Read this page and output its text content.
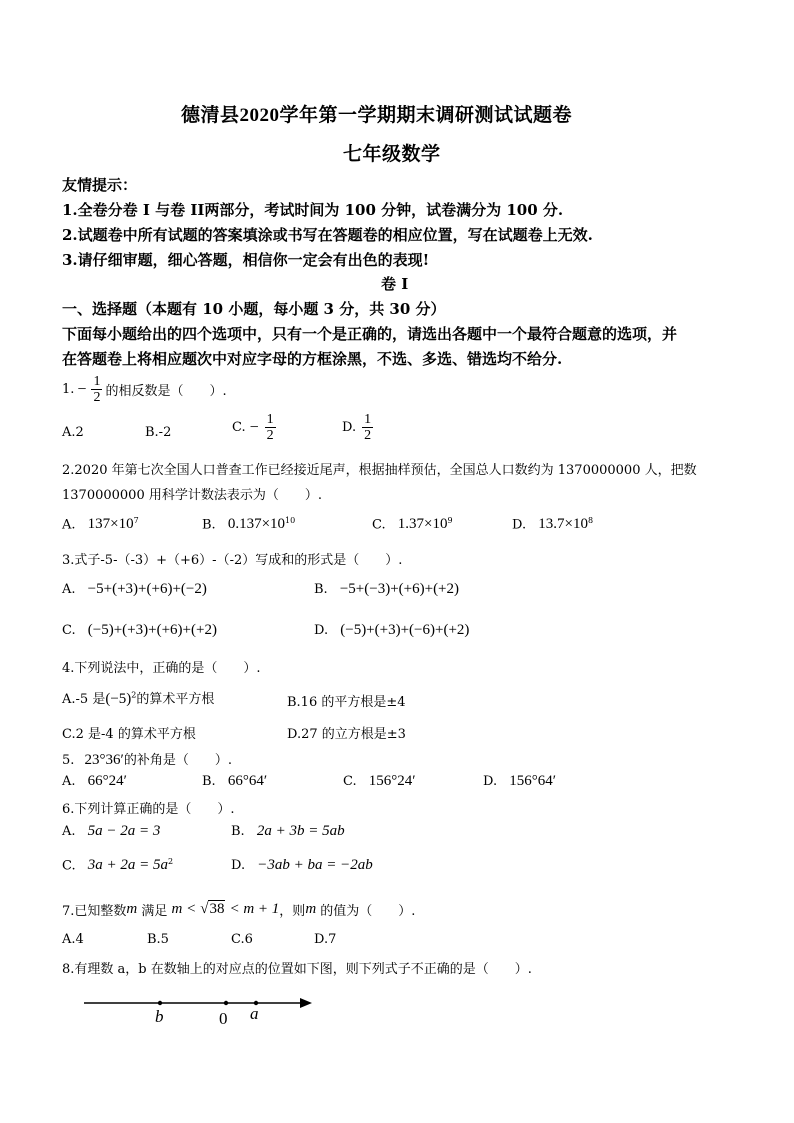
德清县2020学年第一学期期末调研测试试题卷
七年级数学
友情提示：
1.全卷分卷 I 与卷 II两部分，考试时间为 100 分钟，试卷满分为 100 分.
2.试题卷中所有试题的答案填涂或书写在答题卷的相应位置，写在试题卷上无效.
3.请仔细审题，细心答题，相信你一定会有出色的表现!
卷 I
一、选择题（本题有 10 小题，每小题 3 分，共 30 分）
下面每小题给出的四个选项中，只有一个是正确的，请选出各题中一个最符合题意的选项，并
在答题卷上将相应题次中对应字母的方框涂黑，不选、多选、错选均不给分.
1. − $\frac{1}{2}$ 的相反数是（　　）.
A.2	B.-2	C. − $\frac{1}{2}$	D. $\frac{1}{2}$
2.2020 年第七次全国人口普查工作已经接近尾声，根据抽样预估，全国总人口数约为 1370000000 人，把数
1370000000 用科学计数法表示为（　　）.
A. $137\times 10^7$	B. $0.137\times 10^{10}$	C. $1.37\times 10^9$	D. $13.7\times 10^8$
3.式子-5-（-3）+（+6）-（-2）写成和的形式是（　　）.
A. −5+(+3)+(+6)+(−2)	B. −5+(−3)+(+6)+(+2)
C. (−5)+(+3)+(+6)+(+2)	D. (−5)+(+3)+(−6)+(+2)
4.下列说法中，正确的是（　　）.
A.-5 是$(-5)^2$的算术平方根	B.16 的平方根是±4
C.2 是-4 的算术平方根	D.27 的立方根是±3
5. 23°36′的补角是（　　）.
A. 66°24′	B. 66°64′	C. 156°24′	D. 156°64′
6.下列计算正确的是（　　）.
A. 5a − 2a = 3	B. 2a + 3b = 5ab
C. $3a + 2a = 5a^2$	D. −3ab + ba = −2ab
7.已知整数 m 满足 m < √38 < m + 1 ，则 m 的值为（　　）.
A.4	B.5	C.6	D.7
8.有理数 a，b 在数轴上的对应点的位置如下图，则下列式子不正确的是（　　）.
b	0 a
